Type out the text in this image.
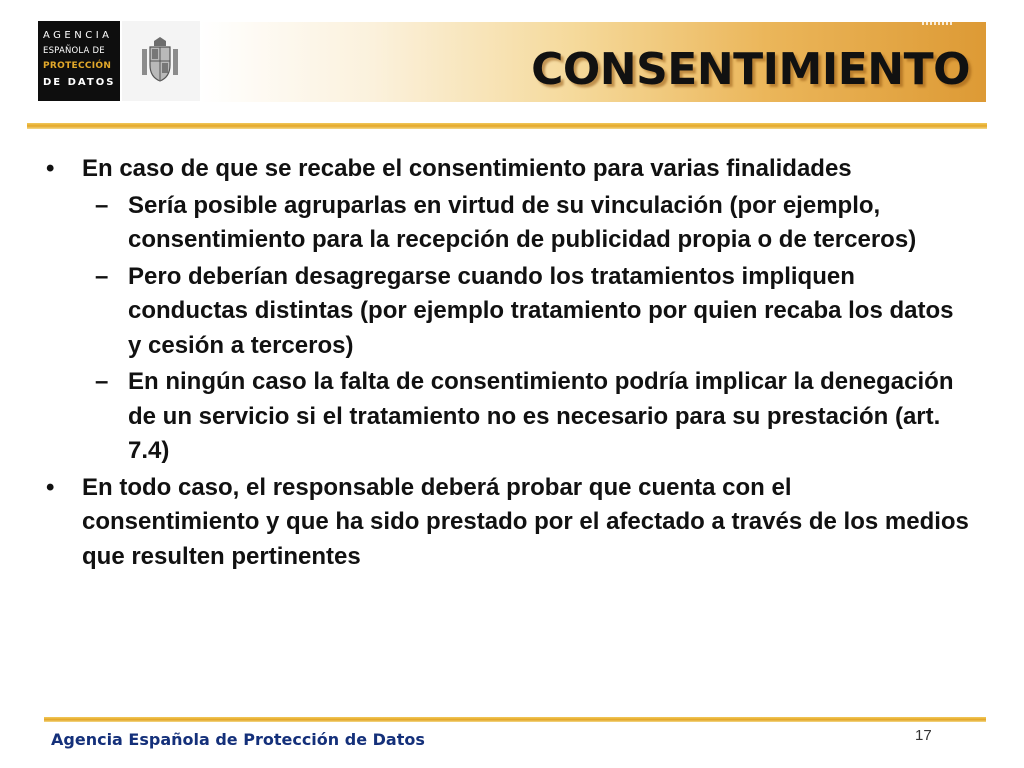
AGENCIA
ESPAÑOLA DE
PROTECCIÓN
DE DATOS	CONSENTIMIENTO
• En caso de que se recabe el consentimiento para varias finalidades
– Sería posible agruparlas en virtud de su vinculación (por ejemplo, consentimiento para la recepción de publicidad propia o de terceros)
– Pero deberían desagregarse cuando los tratamientos impliquen conductas distintas (por ejemplo tratamiento por quien recaba los datos y cesión a terceros)
– En ningún caso la falta de consentimiento podría implicar la denegación de un servicio si el tratamiento no es necesario para su prestación (art. 7.4)
• En todo caso, el responsable deberá probar que cuenta con el consentimiento y que ha sido prestado por el afectado a través de los medios que resulten pertinentes
Agencia Española de Protección de Datos	17
